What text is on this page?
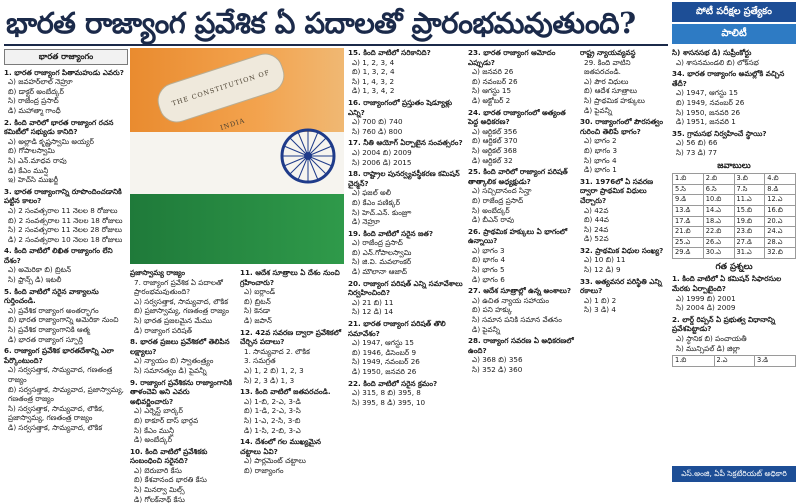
భారత రాజ్యాంగ ప్రవేశిక ఏ పదాలతో ప్రారంభమవుతుంది?	పోటీ పరీక్షల ప్రత్యేకం
పాలిటీ
భారత రాజ్యాంగం
1. భారత రాజ్యాంగ పితామహుడు ఎవరు?
ఎ) జవహర్‌లాల్ నెహ్రూ
బి) డాక్టర్ అంబేద్కర్
సి) రాజేంద్ర ప్రసాద్
డి) మహాత్మా గాంధీ
2. కింది వారిలో భారత రాజ్యాంగ రచన కమిటీలో సభ్యుడు కానిది?
ఎ) అల్లాడి కృష్ణస్వామి అయ్యర్
బి) గోపాలస్వామి
సి) ఎన్.మాధవ రావు
డి) కేఎం మున్షీ
ఇ) హెచ్‌సి ముఖర్జీ
3. భారత రాజ్యాంగాన్ని రూపొందించడానికి పట్టిన కాలం?
ఎ) 2 సంవత్సరాల 11 నెలల 8 రోజులు
బి) 2 సంవత్సరాల 11 నెలల 18 రోజులు
సి) 2 సంవత్సరాల 11 నెలల 28 రోజులు
డి) 2 సంవత్సరాల 10 నెలల 18 రోజులు
4. కింది వాటిలో లిఖిత రాజ్యాంగం లేని దేశం?
ఎ) అమెరికా బి) బ్రిటన్
సి) ఫ్రాన్స్ డి) ఇటలీ
5. కింది వాటిలో సరైన వాక్యాలను గుర్తించండి.
ఎ) ప్రవేశిక రాజ్యాంగ అంతర్భాగం
బి) భారత రాజ్యాంగాన్ని అమెరికా నుంచి
సి) ప్రవేశిక రాజ్యాంగానికి ఆత్మ
డి) భారత రాజ్యాంగ స్ఫూర్తి
6. రాజ్యాంగ ప్రవేశిక భారతదేశాన్ని ఎలా పేర్కొంటుంది?
ఎ) సర్వసత్తాక, సామ్యవాద, గణతంత్ర రాజ్యం
బి) సర్వసత్తాక, సామ్యవాద, ప్రజాస్వామ్య, గణతంత్ర రాజ్యం
సి) సర్వసత్తాక, సామ్యవాద, లౌకిక, ప్రజాస్వామ్య, గణతంత్ర రాజ్యం
డి) సర్వసత్తాక, సామ్యవాద, లౌకిక
THE CONSTITUTION OF INDIA
ప్రజాస్వామ్య రాజ్యం
7. రాజ్యాంగ ప్రవేశిక ఏ పదాలతో ప్రారంభమవుతుంది?
ఎ) సర్వసత్తాక, సామ్యవాద, లౌకిక
బి) ప్రజాస్వామ్య, గణతంత్ర రాజ్యం
సి) భారత ప్రజలమైన మేము
డి) రాజ్యాంగ పరిషత్
8. భారత ప్రజలు ప్రవేశికలో తెలిపిన లక్ష్యాలు?
ఎ) న్యాయం బి) స్వాతంత్ర్యం
సి) సమానత్వం డి) పైవన్నీ
9. రాజ్యాంగ ప్రవేశికను రాజ్యాంగానికి తాళంచెవి అని ఎవరు అభివర్ణించారు?
ఎ) ఎర్నెస్ట్ బార్కర్
బి) ఠాకూర్ దాస్ భార్గవ
సి) కేఎం మున్షీ
డి) అంబేద్కర్
10. కింది వాటిలో ప్రవేశికకు సంబంధించి సరైనది?
ఎ) బెరుబారి కేసు
బి) కేశవానంద భారతి కేసు
సి) మినర్వా మిల్స్
డి) గోలక్‌నాథ్ కేసు
11. ఆదేశ సూత్రాలు ఏ దేశం నుంచి గ్రహించారు?
ఎ) ఐర్లాండ్
బి) బ్రిటన్
సి) కెనడా
డి) జపాన్
12. 42వ సవరణ ద్వారా ప్రవేశికలో చేర్చిన పదాలు?
1. సామ్యవాద 2. లౌకిక
3. సమగ్రత
ఎ) 1, 2 బి) 1, 2, 3
సి) 2, 3 డి) 1, 3
13. కింది వాటిలో జతపరచండి.
ఎ) 1-బి, 2-ఎ, 3-డి
బి) 1-డి, 2-ఎ, 3-సి
సి) 1-ఎ, 2-సి, 3-బి
డి) 1-సి, 2-బి, 3-ఎ
14. దేశంలో గల ముఖ్యమైన చట్టాలు ఏవి?
ఎ) పార్లమెంట్ చట్టాలు
బి) రాజ్యాంగం
15. కింది వాటిలో సరికానిది?
ఎ) 1, 2, 3, 4
బి) 1, 3, 2, 4
సి) 1, 4, 3, 2
డి) 1, 3, 4, 2
16. రాజ్యాంగంలో ప్రస్తుతం షెడ్యూళ్లు ఎన్ని?
ఎ) 700 బి) 740
సి) 760 డి) 800
17. నీతి ఆయోగ్ ఏర్పాటైన సంవత్సరం?
ఎ) 2004 బి) 2009
సి) 2006 డి) 2015
18. రాష్ట్రాల పునర్వ్యవస్థీకరణ కమిషన్ చైర్మన్?
ఎ) ఫజల్ అలీ
బి) కేఎం పణిక్కర్
సి) హెచ్.ఎన్. కుంజ్రూ
డి) నెహ్రూ
19. కింది వాటిలో సరైన జత?
ఎ) రాజేంద్ర ప్రసాద్
బి) ఎన్.గోపాలస్వామి
సి) జి.వి. మవలాంకర్
డి) మౌలానా ఆజాద్
20. రాజ్యాంగ పరిషత్ ఎన్ని సమావేశాలు నిర్వహించింది?
ఎ) 21 బి) 11
సి) 12 డి) 14
21. భారత రాజ్యాంగ పరిషత్ తొలి సమావేశం?
ఎ) 1947, ఆగస్టు 15
బి) 1946, డిసెంబర్ 9
సి) 1949, నవంబర్ 26
డి) 1950, జనవరి 26
22. కింది వాటిలో సరైన క్రమం?
ఎ) 315, 8 బి) 395, 8
సి) 395, 8 డి) 395, 10
23. భారత రాజ్యాంగ ఆమోదం ఎప్పుడు?
ఎ) జనవరి 26
బి) నవంబర్ 26
సి) ఆగస్టు 15
డి) అక్టోబర్ 2
24. భారత రాజ్యాంగంలో అత్యంత పెద్ద అధికరణ?
ఎ) ఆర్టికల్ 356
బి) ఆర్టికల్ 370
సి) ఆర్టికల్ 368
డి) ఆర్టికల్ 32
25. కింది వారిలో రాజ్యాంగ పరిషత్ తాత్కాలిక అధ్యక్షుడు?
ఎ) సచ్చిదానంద సిన్హా
బి) రాజేంద్ర ప్రసాద్
సి) అంబేద్కర్
డి) బీఎన్ రావు
26. ప్రాథమిక హక్కులు ఏ భాగంలో ఉన్నాయి?
ఎ) భాగం 3
బి) భాగం 4
సి) భాగం 5
డి) భాగం 6
27. ఆదేశ సూత్రాల్లో ఉన్న అంశాలు?
ఎ) ఉచిత న్యాయ సహాయం
బి) పని హక్కు
సి) సమాన పనికి సమాన వేతనం
డి) పైవన్నీ
28. రాజ్యాంగ సవరణ ఏ అధికరణలో ఉంది?
ఎ) 368 బి) 356
సి) 352 డి) 360
రాష్ట్ర న్యాయవ్యవస్థ
29. కింది వాటిని జతపరచండి.
ఎ) పౌర విధులు
బి) ఆదేశ సూత్రాలు
సి) ప్రాథమిక హక్కులు
డి) పైవన్నీ
30. రాజ్యాంగంలో పౌరసత్వం గురించి తెలిపే భాగం?
ఎ) భాగం 2
బి) భాగం 3
సి) భాగం 4
డి) భాగం 1
31. 1976లో ఏ సవరణ ద్వారా ప్రాథమిక విధులు చేర్చారు?
ఎ) 42వ
బి) 44వ
సి) 24వ
డి) 52వ
32. ప్రాథమిక విధుల సంఖ్య?
ఎ) 10 బి) 11
సి) 12 డి) 9
33. అత్యవసర పరిస్థితి ఎన్ని రకాలు?
ఎ) 1 బి) 2
సి) 3 డి) 4
సి) శాసనసభ డి) సుప్రీంకోర్టు
ఎ) శాసనమండలి బి) లోక్‌సభ
34. భారత రాజ్యాంగం అమల్లోకి వచ్చిన తేదీ?
ఎ) 1947, ఆగస్టు 15
బి) 1949, నవంబర్ 26
సి) 1950, జనవరి 26
డి) 1951, జనవరి 1
35. గ్రామసభ నిర్వహించే స్థాయి?
ఎ) 56 బి) 66
సి) 73 డి) 77
జవాబులు
1.బి	2.బి	3.బి	4.బి
5.సి	6.సి	7.సి	8.డి
9.డి	10.బి	11.ఎ	12.ఎ
13.డి	14.ఎ	15.బి	16.బి
17.డి	18.ఎ	19.బి	20.ఎ
21.బి	22.బి	23.బి	24.ఎ
25.ఎ	26.ఎ	27.డి	28.ఎ
29.డి	30.ఎ	31.ఎ	32.బి
గత ప్రశ్నలు
1. కింది వాటిలో ఏ కమిషన్ సిఫారసుల మేరకు ఏర్పాటైంది?
ఎ) 1999 బి) 2001
సి) 2004 డి) 2009
2. లార్డ్ రిప్పన్ ఏ ప్రభుత్వ విధానాన్ని ప్రవేశపెట్టాడు?
ఎ) స్థానిక బి) పంచాయతీ
సి) మున్సిపల్ డి) జిల్లా
1.బి	2.ఎ	3.డి
ఎస్.అంజి, ఏపీ సెక్రటేరియట్ అధికారి
